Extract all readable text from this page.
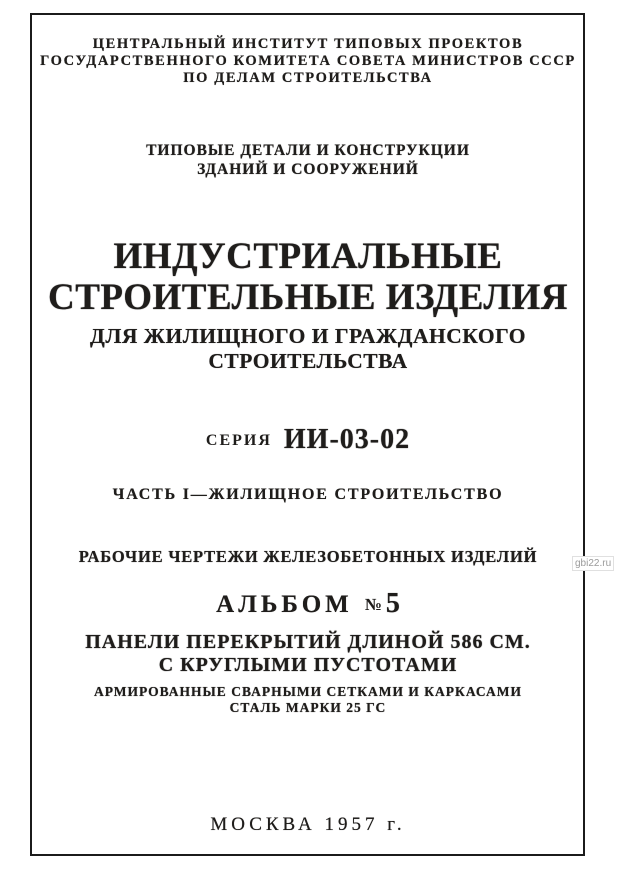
ЦЕНТРАЛЬНЫЙ ИНСТИТУТ ТИПОВЫХ ПРОЕКТОВ
ГОСУДАРСТВЕННОГО КОМИТЕТА СОВЕТА МИНИСТРОВ СССР
ПО ДЕЛАМ СТРОИТЕЛЬСТВА
ТИПОВЫЕ ДЕТАЛИ И КОНСТРУКЦИИ
ЗДАНИЙ И СООРУЖЕНИЙ
ИНДУСТРИАЛЬНЫЕ
СТРОИТЕЛЬНЫЕ ИЗДЕЛИЯ
ДЛЯ ЖИЛИЩНОГО И ГРАЖДАНСКОГО
СТРОИТЕЛЬСТВА
СЕРИЯ ИИ-03-02
ЧАСТЬ I—ЖИЛИЩНОЕ СТРОИТЕЛЬСТВО
РАБОЧИЕ ЧЕРТЕЖИ ЖЕЛЕЗОБЕТОННЫХ ИЗДЕЛИЙ
АЛЬБОМ № 5
ПАНЕЛИ ПЕРЕКРЫТИЙ ДЛИНОЙ 586 СМ.
С КРУГЛЫМИ ПУСТОТАМИ
АРМИРОВАННЫЕ СВАРНЫМИ СЕТКАМИ И КАРКАСАМИ
СТАЛЬ МАРКИ 25 ГС
МОСКВА 1957 г.
gbi22.ru
